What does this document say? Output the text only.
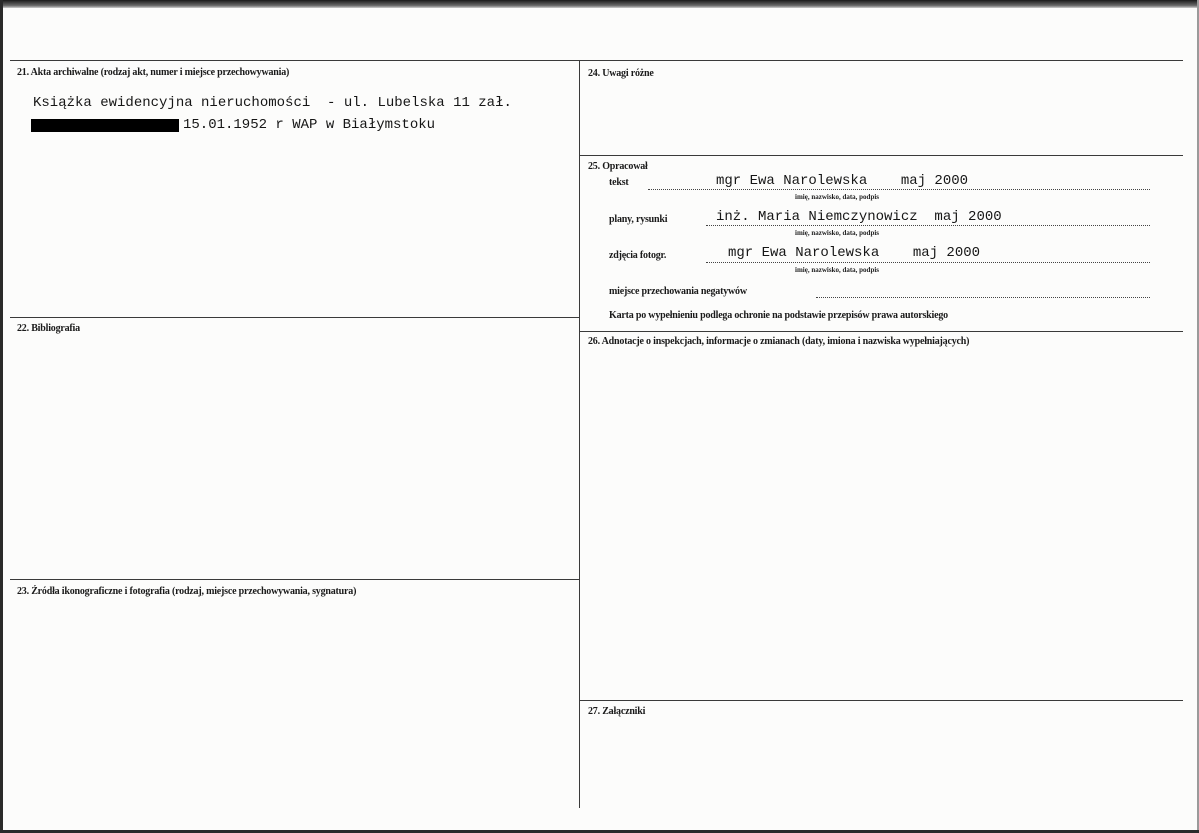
21. Akta archiwalne (rodzaj akt, numer i miejsce przechowywania)
Książka ewidencyjna nieruchomości  - ul. Lubelska 11 zał.
15.01.1952 r WAP w Białymstoku
22. Bibliografia
23. Źródła ikonograficzne i fotografia (rodzaj, miejsce przechowywania, sygnatura)
24. Uwagi różne
25. Opracował
tekst	mgr Ewa Narolewska    maj 2000
imię, nazwisko, data, podpis
plany, rysunki	inż. Maria Niemczynowicz  maj 2000
imię, nazwisko, data, podpis
zdjęcia fotogr.	mgr Ewa Narolewska    maj 2000
imię, nazwisko, data, podpis
miejsce przechowania negatywów
Karta po wypełnieniu podlega ochronie na podstawie przepisów prawa autorskiego
26. Adnotacje o inspekcjach, informacje o zmianach (daty, imiona i nazwiska wypełniających)
27. Załączniki
